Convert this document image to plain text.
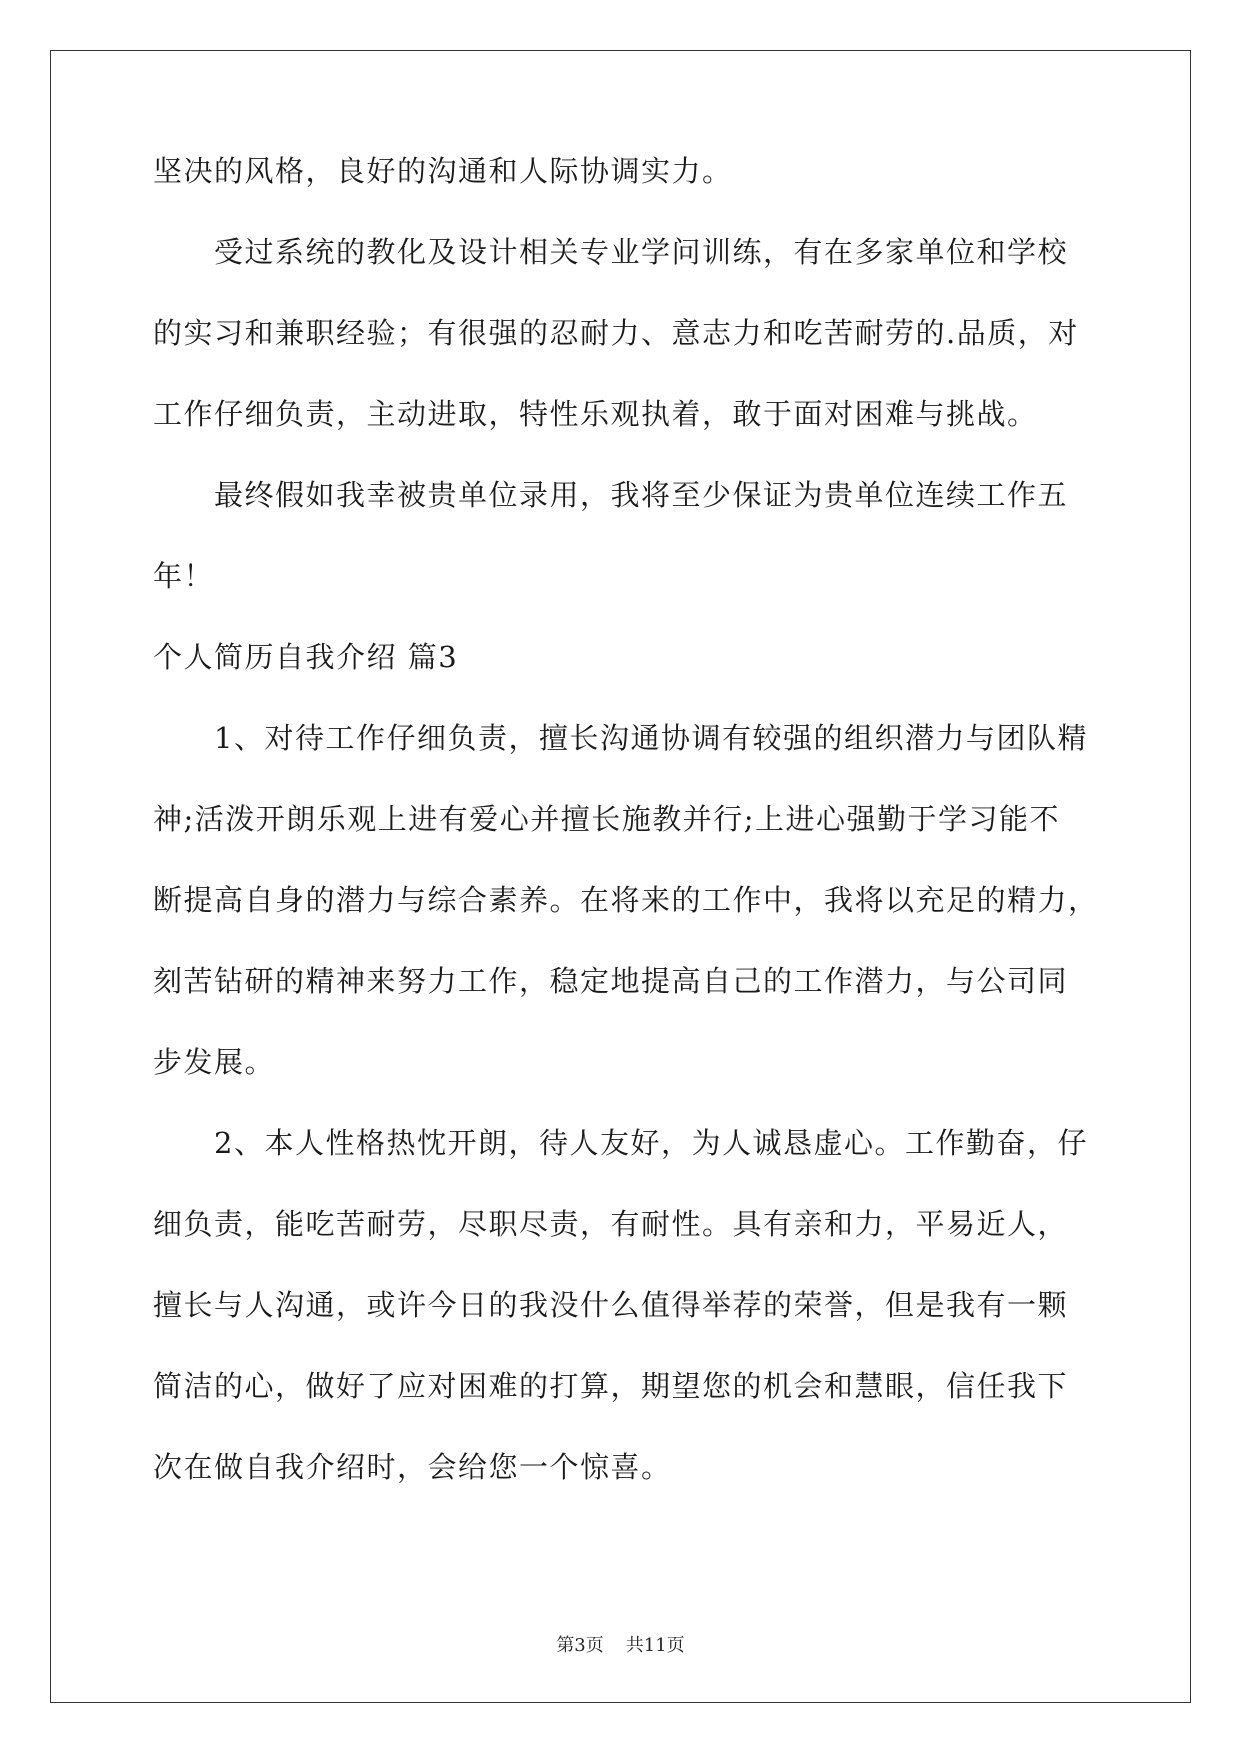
坚决的风格，良好的沟通和人际协调实力。
　　受过系统的教化及设计相关专业学问训练，有在多家单位和学校
的实习和兼职经验；有很强的忍耐力、意志力和吃苦耐劳的.品质，对
工作仔细负责，主动进取，特性乐观执着，敢于面对困难与挑战。
　　最终假如我幸被贵单位录用，我将至少保证为贵单位连续工作五
年！
个人简历自我介绍 篇3
　　1、对待工作仔细负责，擅长沟通协调有较强的组织潜力与团队精
神;活泼开朗乐观上进有爱心并擅长施教并行;上进心强勤于学习能不
断提高自身的潜力与综合素养。在将来的工作中，我将以充足的精力，
刻苦钻研的精神来努力工作，稳定地提高自己的工作潜力，与公司同
步发展。
　　2、本人性格热忱开朗，待人友好，为人诚恳虚心。工作勤奋，仔
细负责，能吃苦耐劳，尽职尽责，有耐性。具有亲和力，平易近人，
擅长与人沟通，或许今日的我没什么值得举荐的荣誉，但是我有一颗
简洁的心，做好了应对困难的打算，期望您的机会和慧眼，信任我下
次在做自我介绍时，会给您一个惊喜。
第3页 共11页
